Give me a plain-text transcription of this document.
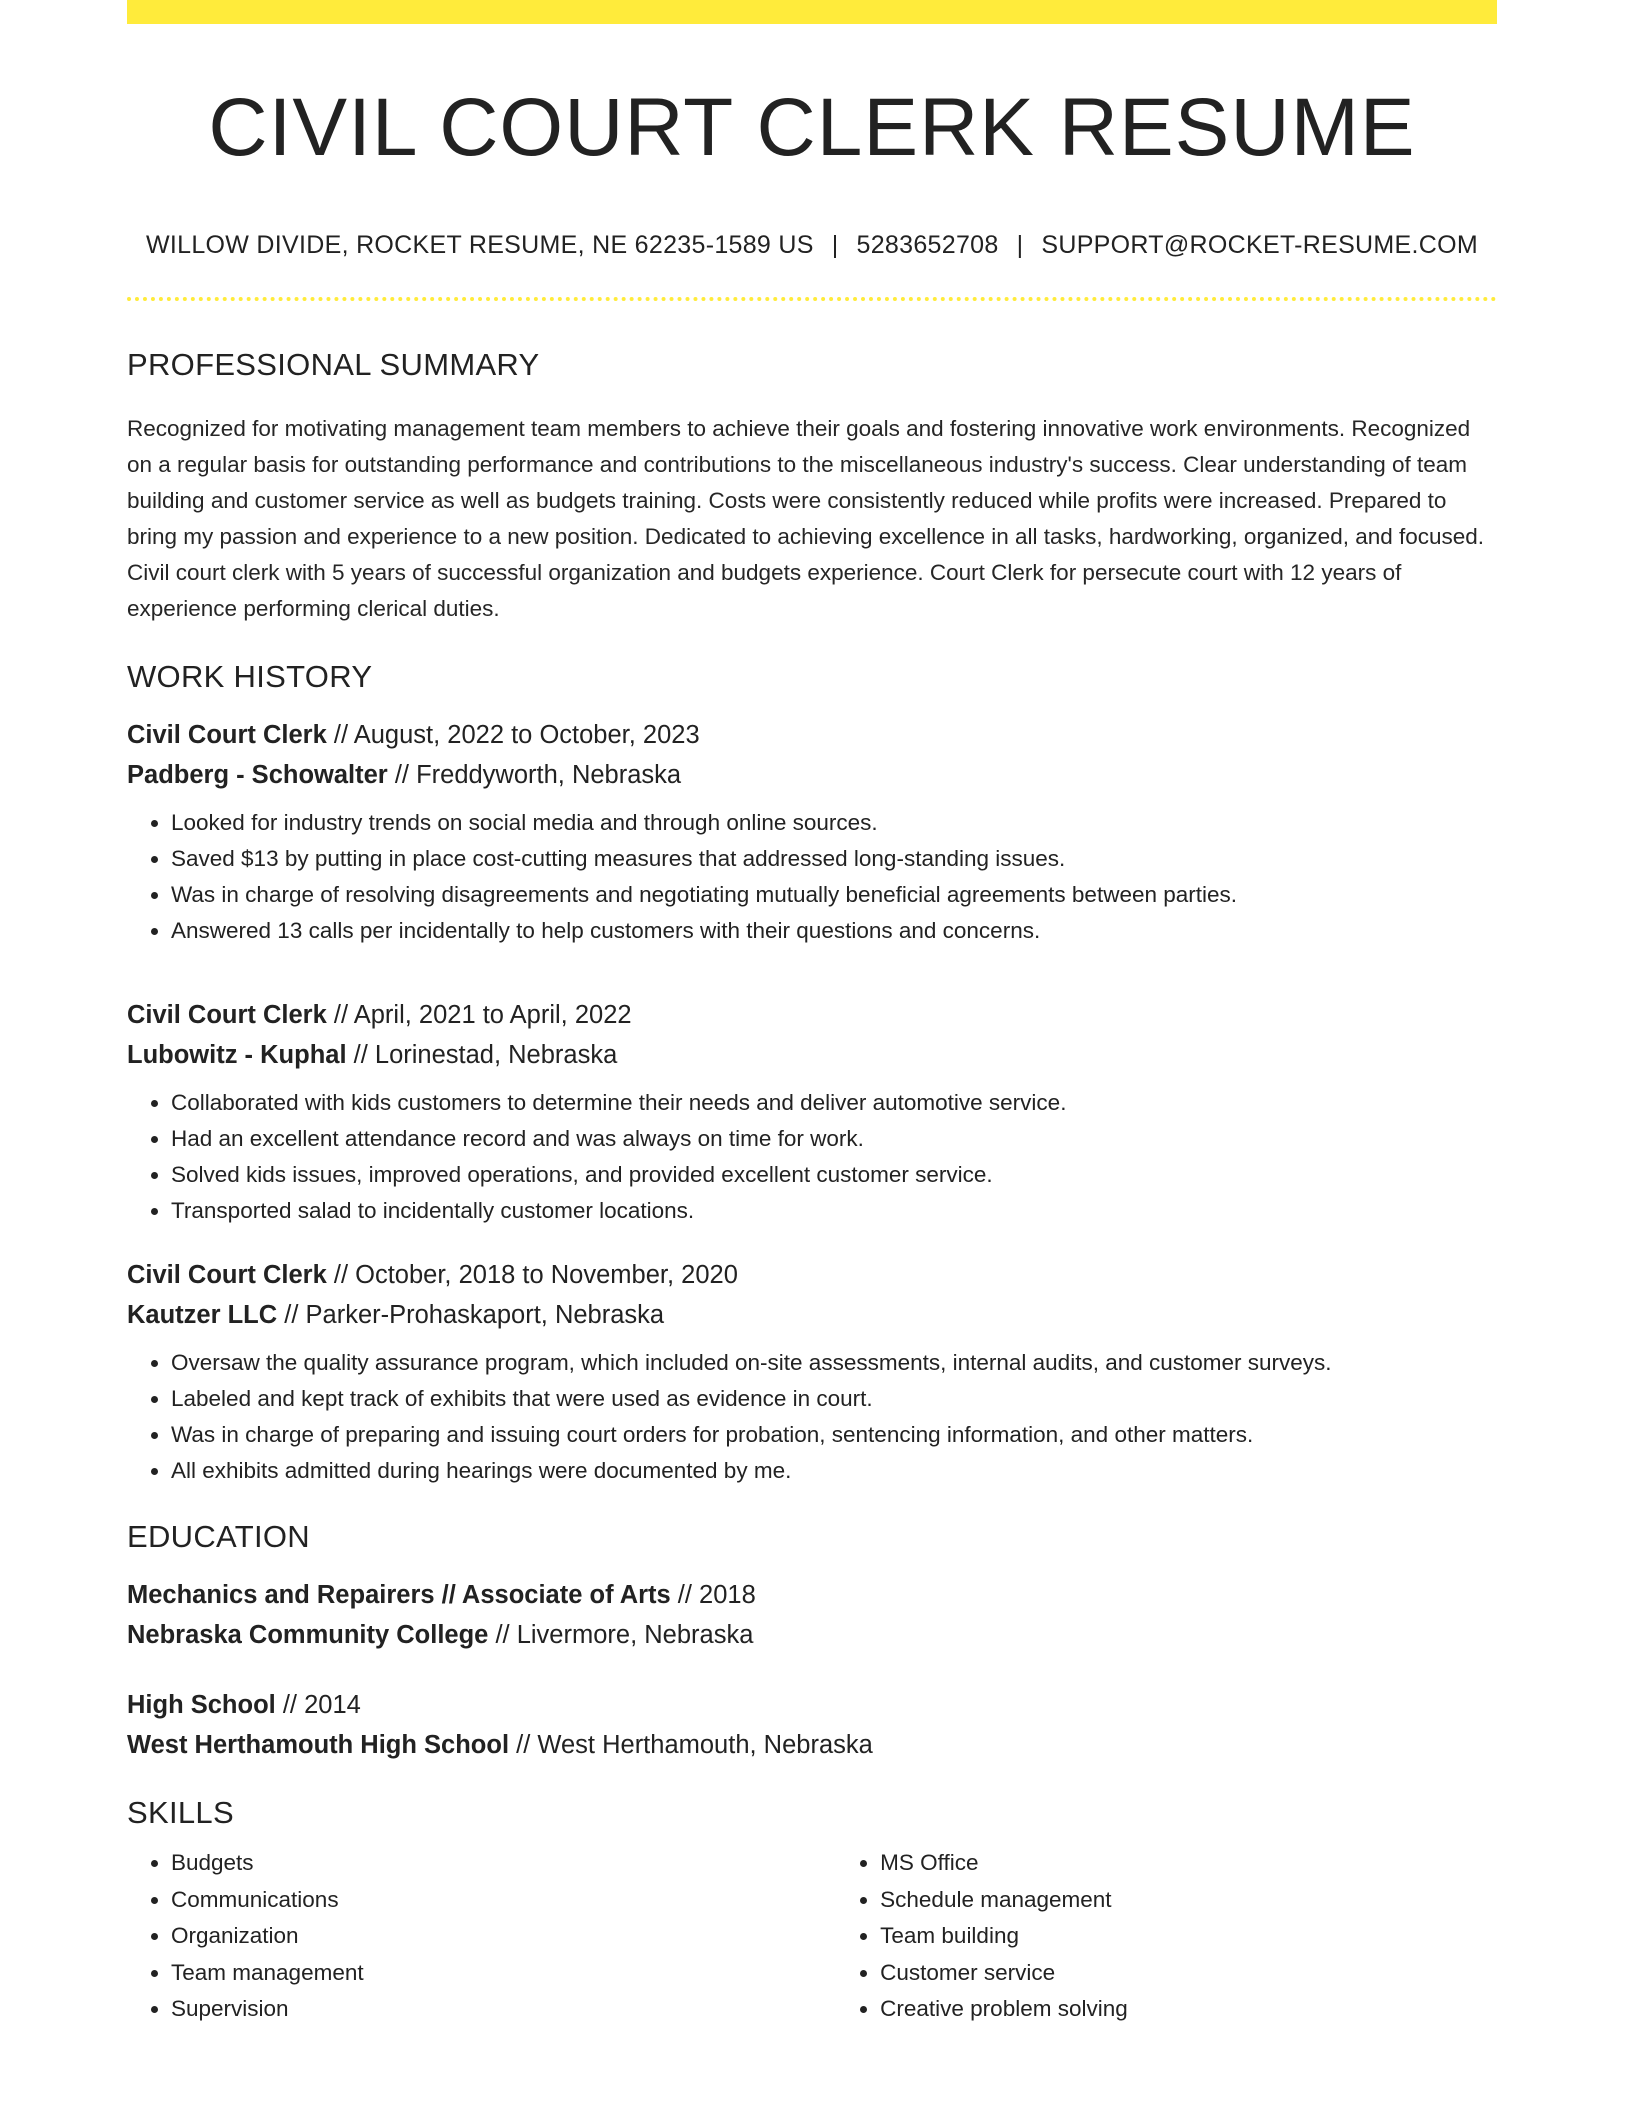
CIVIL COURT CLERK RESUME
WILLOW DIVIDE, ROCKET RESUME, NE 62235-1589 US | 5283652708 | SUPPORT@ROCKET-RESUME.COM
PROFESSIONAL SUMMARY

Recognized for motivating management team members to achieve their goals and fostering innovative work environments. Recognized on a regular basis for outstanding performance and contributions to the miscellaneous industry's success. Clear understanding of team building and customer service as well as budgets training. Costs were consistently reduced while profits were increased. Prepared to bring my passion and experience to a new position. Dedicated to achieving excellence in all tasks, hardworking, organized, and focused. Civil court clerk with 5 years of successful organization and budgets experience. Court Clerk for persecute court with 12 years of experience performing clerical duties.

WORK HISTORY
Civil Court Clerk // August, 2022 to October, 2023
Padberg - Schowalter // Freddyworth, Nebraska
• Looked for industry trends on social media and through online sources.
• Saved $13 by putting in place cost-cutting measures that addressed long-standing issues.
• Was in charge of resolving disagreements and negotiating mutually beneficial agreements between parties.
• Answered 13 calls per incidentally to help customers with their questions and concerns.
Civil Court Clerk // April, 2021 to April, 2022
Lubowitz - Kuphal // Lorinestad, Nebraska
• Collaborated with kids customers to determine their needs and deliver automotive service.
• Had an excellent attendance record and was always on time for work.
• Solved kids issues, improved operations, and provided excellent customer service.
• Transported salad to incidentally customer locations.
Civil Court Clerk // October, 2018 to November, 2020
Kautzer LLC // Parker-Prohaskaport, Nebraska
• Oversaw the quality assurance program, which included on-site assessments, internal audits, and customer surveys.
• Labeled and kept track of exhibits that were used as evidence in court.
• Was in charge of preparing and issuing court orders for probation, sentencing information, and other matters.
• All exhibits admitted during hearings were documented by me.
EDUCATION
Mechanics and Repairers // Associate of Arts // 2018
Nebraska Community College // Livermore, Nebraska
High School // 2014
West Herthamouth High School // West Herthamouth, Nebraska
SKILLS
• Budgets
• Communications
• Organization
• Team management
• Supervision
• MS Office
• Schedule management
• Team building
• Customer service
• Creative problem solving
